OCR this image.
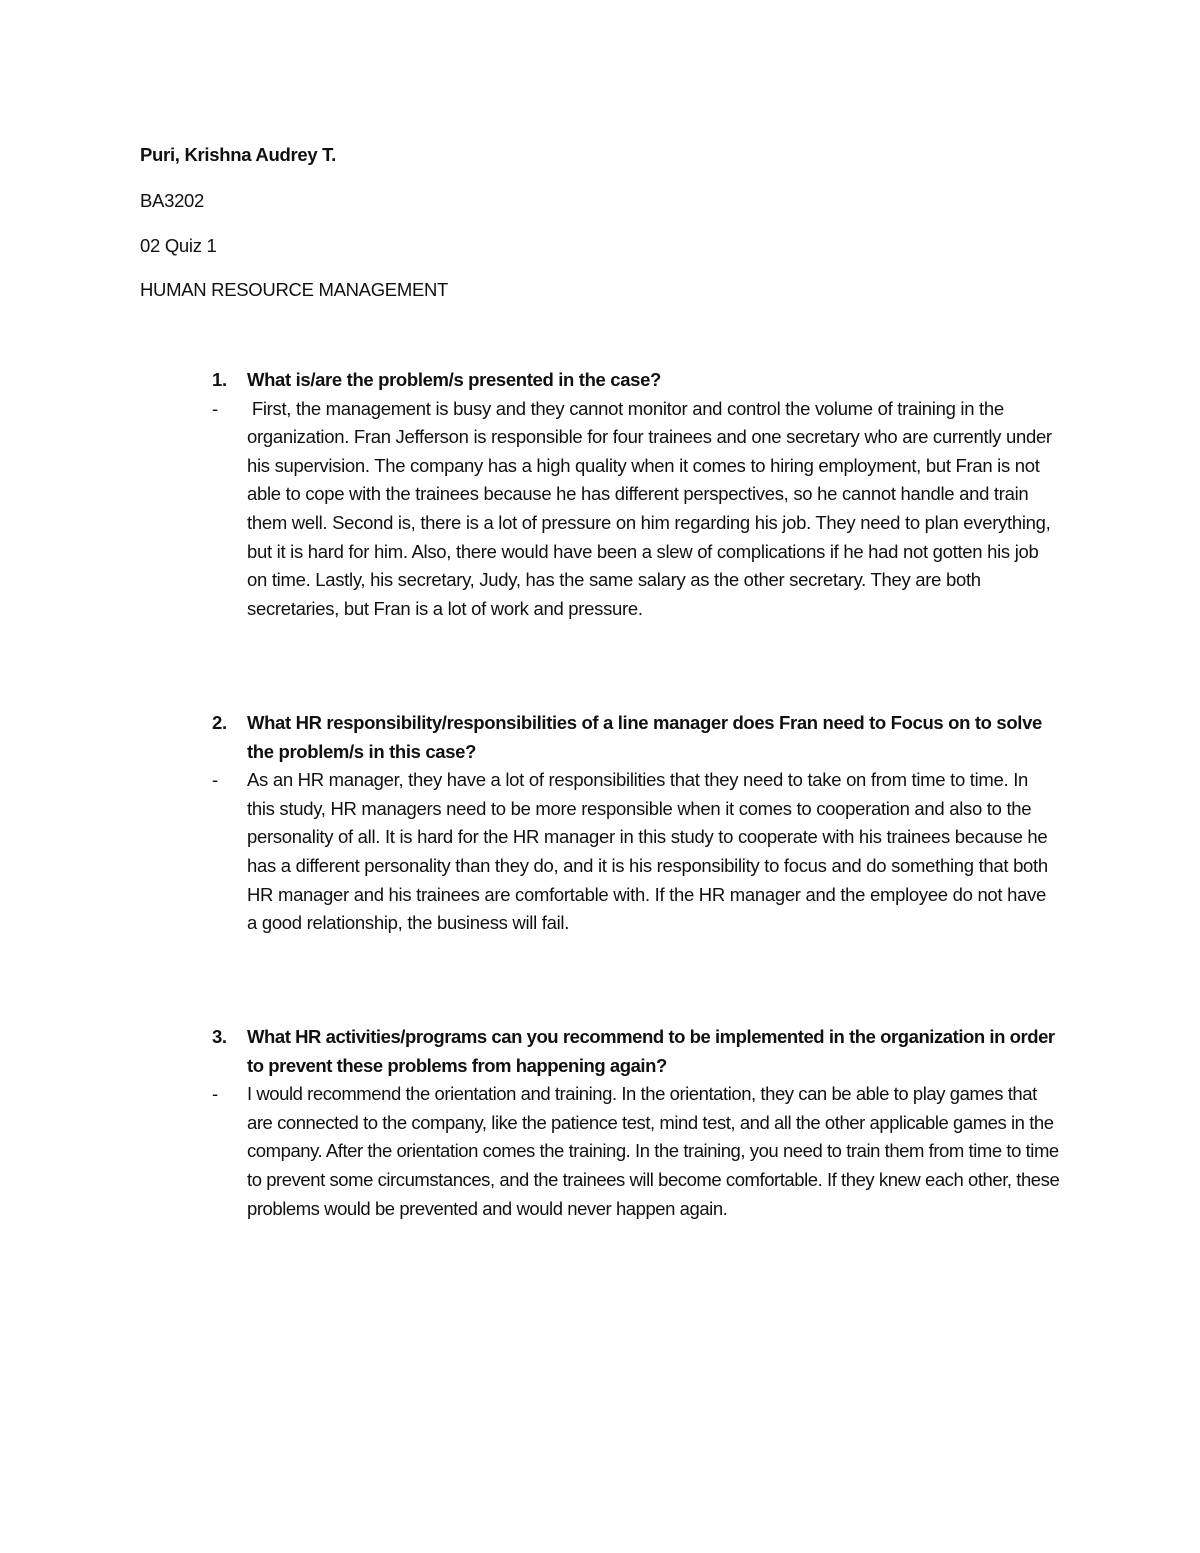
Puri, Krishna Audrey T.
BA3202
02 Quiz 1
HUMAN RESOURCE MANAGEMENT
1. What is/are the problem/s presented in the case?
- First, the management is busy and they cannot monitor and control the volume of training in the organization. Fran Jefferson is responsible for four trainees and one secretary who are currently under his supervision. The company has a high quality when it comes to hiring employment, but Fran is not able to cope with the trainees because he has different perspectives, so he cannot handle and train them well. Second is, there is a lot of pressure on him regarding his job. They need to plan everything, but it is hard for him. Also, there would have been a slew of complications if he had not gotten his job on time. Lastly, his secretary, Judy, has the same salary as the other secretary. They are both secretaries, but Fran is a lot of work and pressure.
2. What HR responsibility/responsibilities of a line manager does Fran need to Focus on to solve the problem/s in this case?
- As an HR manager, they have a lot of responsibilities that they need to take on from time to time. In this study, HR managers need to be more responsible when it comes to cooperation and also to the personality of all. It is hard for the HR manager in this study to cooperate with his trainees because he has a different personality than they do, and it is his responsibility to focus and do something that both HR manager and his trainees are comfortable with. If the HR manager and the employee do not have a good relationship, the business will fail.
3. What HR activities/programs can you recommend to be implemented in the organization in order to prevent these problems from happening again?
- I would recommend the orientation and training. In the orientation, they can be able to play games that are connected to the company, like the patience test, mind test, and all the other applicable games in the company. After the orientation comes the training. In the training, you need to train them from time to time to prevent some circumstances, and the trainees will become comfortable. If they knew each other, these problems would be prevented and would never happen again.
